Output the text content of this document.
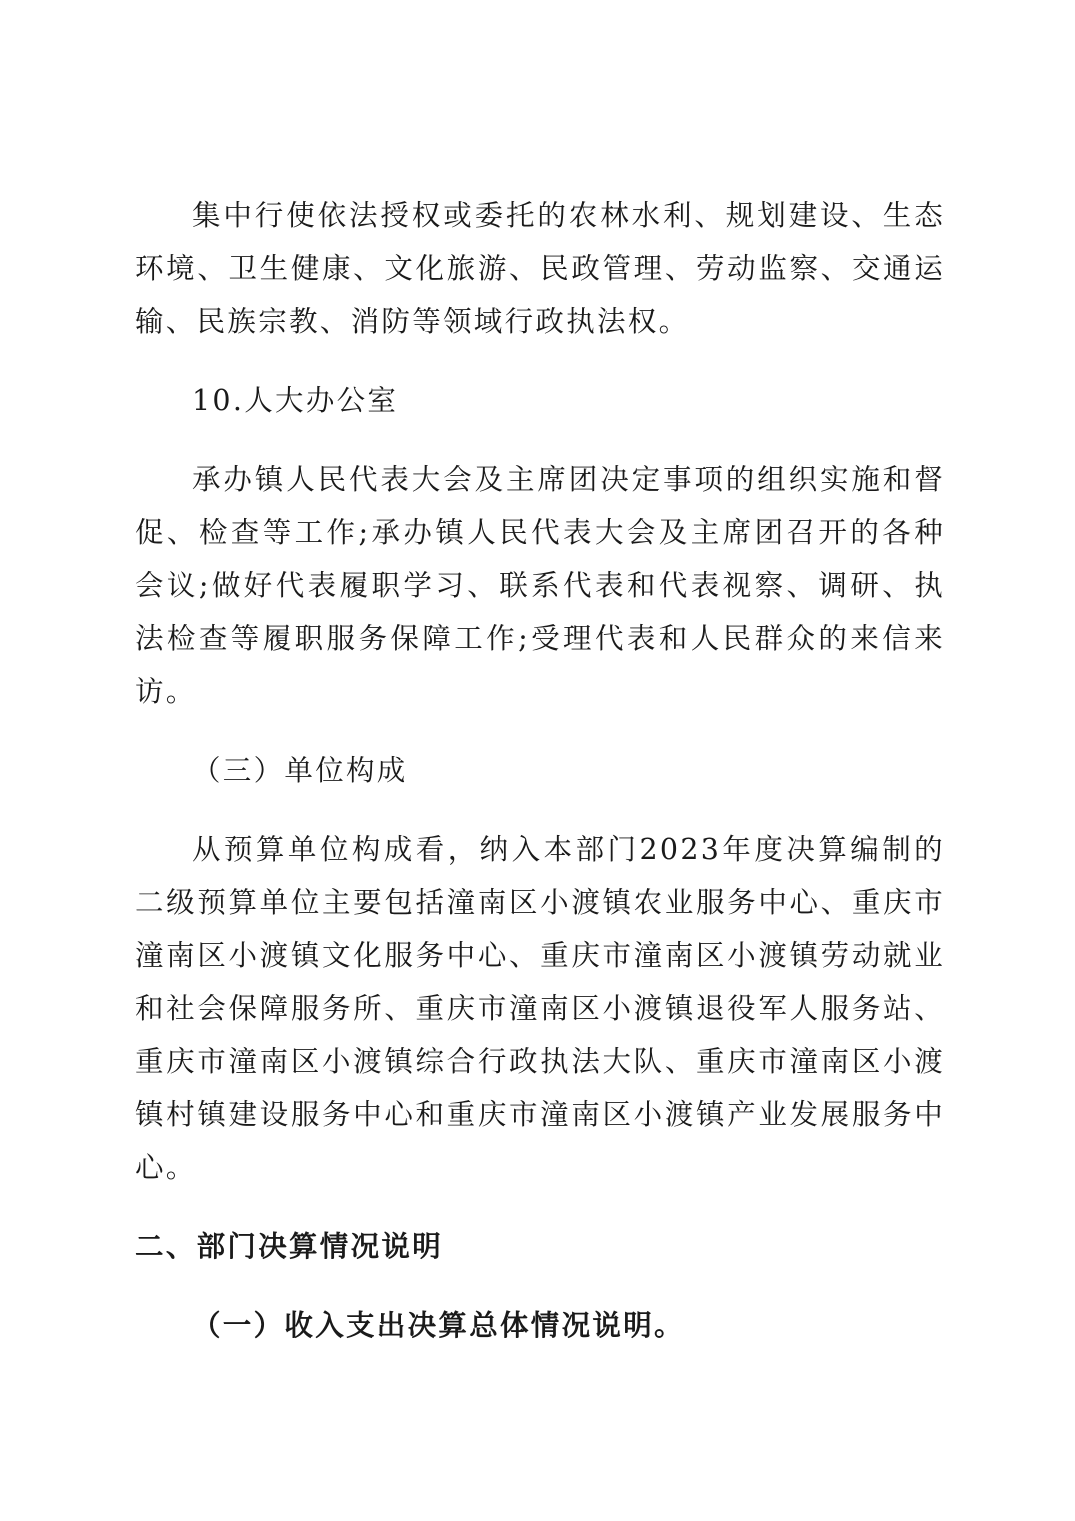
集中行使依法授权或委托的农林水利、规划建设、生态环境、卫生健康、文化旅游、民政管理、劳动监察、交通运输、民族宗教、消防等领域行政执法权。

10.人大办公室

承办镇人民代表大会及主席团决定事项的组织实施和督促、检查等工作;承办镇人民代表大会及主席团召开的各种会议;做好代表履职学习、联系代表和代表视察、调研、执法检查等履职服务保障工作;受理代表和人民群众的来信来访。

（三）单位构成

从预算单位构成看，纳入本部门2023年度决算编制的二级预算单位主要包括潼南区小渡镇农业服务中心、重庆市潼南区小渡镇文化服务中心、重庆市潼南区小渡镇劳动就业和社会保障服务所、重庆市潼南区小渡镇退役军人服务站、重庆市潼南区小渡镇综合行政执法大队、重庆市潼南区小渡镇村镇建设服务中心和重庆市潼南区小渡镇产业发展服务中心。

二、部门决算情况说明

（一）收入支出决算总体情况说明。
